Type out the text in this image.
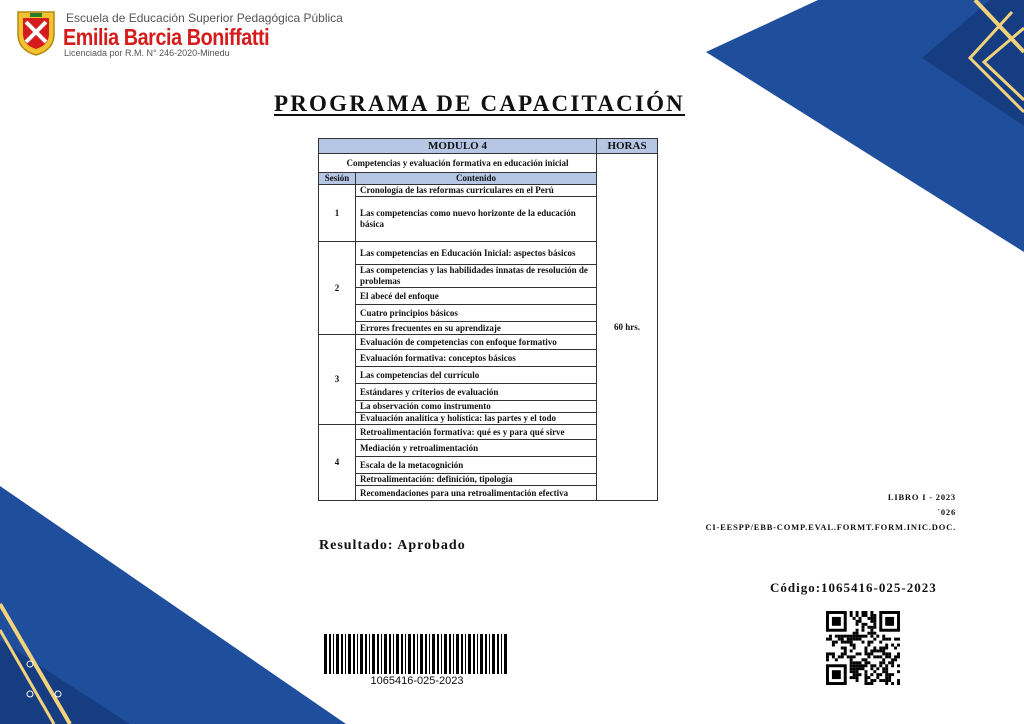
Escuela de Educación Superior Pedagógica Pública
Emilia Barcia Boniffatti
Licenciada por R.M. N° 246-2020-Minedu
PROGRAMA DE CAPACITACIÓN
MODULO 4		HORAS
Competencias y evaluación formativa en educación inicial		60 hrs.
Sesión	Contenido	
1	Cronología de las reformas curriculares en el Perú	
	Las competencias como nuevo horizonte de la educación básica	
2	Las competencias en Educación Inicial: aspectos básicos	
	Las competencias y las habilidades innatas de resolución de problemas	
	El abecé del enfoque	
	Cuatro principios básicos	
	Errores frecuentes en su aprendizaje	
3	Evaluación de competencias con enfoque formativo	
	Evaluación formativa: conceptos básicos	
	Las competencias del currículo	
	Estándares y criterios de evaluación	
	La observación como instrumento	
	Evaluación analítica y holística: las partes y el todo	
4	Retroalimentación formativa: qué es y para qué sirve	
	Mediación y retroalimentación	
	Escala de la metacognición	
	Retroalimentación: definición, tipología	
	Recomendaciones para una retroalimentación efectiva	
Resultado: Aprobado
LIBRO I - 2023
´026
CI-EESPP/EBB-COMP.EVAL.FORMT.FORM.INIC.DOC.
Código:1065416-025-2023
1065416-025-2023
